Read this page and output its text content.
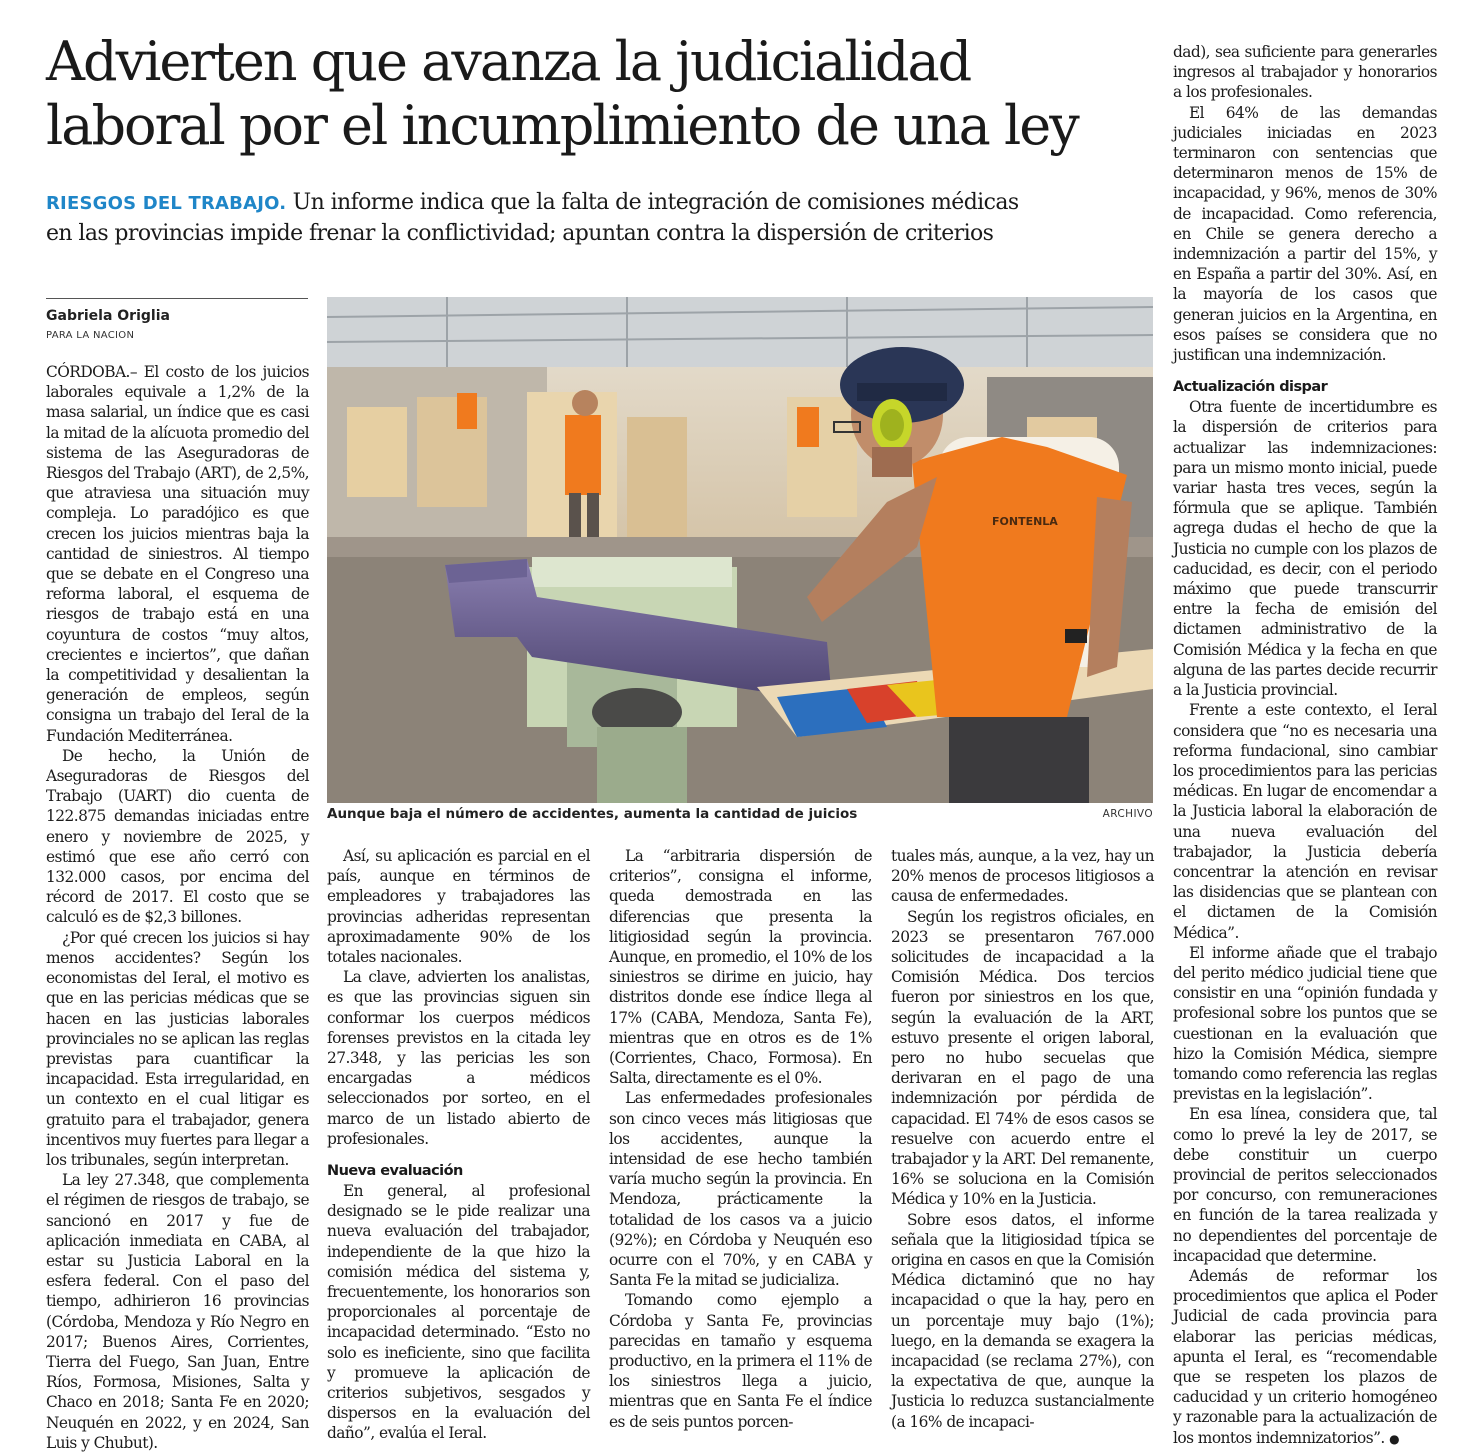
Advierten que avanza la judicialidad
laboral por el incumplimiento de una ley
RIESGOS DEL TRABAJO. Un informe indica que la falta de integración de comisiones médicas
en las provincias impide frenar la conflictividad; apuntan contra la dispersión de criterios
Gabriela Origlia
PARA LA NACION

CÓRDOBA.– El costo de los juicios laborales equivale a 1,2% de la masa salarial, un índice que es casi la mitad de la alícuota promedio del sistema de las Aseguradoras de Riesgos del Trabajo (ART), de 2,5%, que atraviesa una situación muy compleja. Lo paradójico es que crecen los juicios mientras baja la cantidad de siniestros. Al tiempo que se debate en el Congreso una reforma laboral, el esquema de riesgos de trabajo está en una coyuntura de costos “muy altos, crecientes e inciertos”, que dañan la competitividad y desalientan la generación de empleos, según consigna un trabajo del Ieral de la Fundación Mediterránea.

De hecho, la Unión de Aseguradoras de Riesgos del Trabajo (UART) dio cuenta de 122.875 demandas iniciadas entre enero y noviembre de 2025, y estimó que ese año cerró con 132.000 casos, por encima del récord de 2017. El costo que se calculó es de $2,3 billones.

¿Por qué crecen los juicios si hay menos accidentes? Según los economistas del Ieral, el motivo es que en las pericias médicas que se hacen en las justicias laborales provinciales no se aplican las reglas previstas para cuantificar la incapacidad. Esta irregularidad, en un contexto en el cual litigar es gratuito para el trabajador, genera incentivos muy fuertes para llegar a los tribunales, según interpretan.

La ley 27.348, que complementa el régimen de riesgos de trabajo, se sancionó en 2017 y fue de aplicación inmediata en CABA, al estar su Justicia Laboral en la esfera federal. Con el paso del tiempo, adhirieron 16 provincias (Córdoba, Mendoza y Río Negro en 2017; Buenos Aires, Corrientes, Tierra del Fuego, San Juan, Entre Ríos, Formosa, Misiones, Salta y Chaco en 2018; Santa Fe en 2020; Neuquén en 2022, y en 2024, San Luis y Chubut).

FONTENLA
Aunque baja el número de accidentes, aumenta la cantidad de juicios	ARCHIVO

Así, su aplicación es parcial en el país, aunque en términos de empleadores y trabajadores las provincias adheridas representan aproximadamente 90% de los totales nacionales.

La clave, advierten los analistas, es que las provincias siguen sin conformar los cuerpos médicos forenses previstos en la citada ley 27.348, y las pericias les son encargadas a médicos seleccionados por sorteo, en el marco de un listado abierto de profesionales.

Nueva evaluación

En general, al profesional designado se le pide realizar una nueva evaluación del trabajador, independiente de la que hizo la comisión médica del sistema y, frecuentemente, los honorarios son proporcionales al porcentaje de incapacidad determinado. “Esto no solo es ineficiente, sino que facilita y promueve la aplicación de criterios subjetivos, sesgados y dispersos en la evaluación del daño”, evalúa el Ieral.

La “arbitraria dispersión de criterios”, consigna el informe, queda demostrada en las diferencias que presenta la litigiosidad según la provincia. Aunque, en promedio, el 10% de los siniestros se dirime en juicio, hay distritos donde ese índice llega al 17% (CABA, Mendoza, Santa Fe), mientras que en otros es de 1% (Corrientes, Chaco, Formosa). En Salta, directamente es el 0%.

Las enfermedades profesionales son cinco veces más litigiosas que los accidentes, aunque la intensidad de ese hecho también varía mucho según la provincia. En Mendoza, prácticamente la totalidad de los casos va a juicio (92%); en Córdoba y Neuquén eso ocurre con el 70%, y en CABA y Santa Fe la mitad se judicializa.

Tomando como ejemplo a Córdoba y Santa Fe, provincias parecidas en tamaño y esquema productivo, en la primera el 11% de los siniestros llega a juicio, mientras que en Santa Fe el índice es de seis puntos porcen-

tuales más, aunque, a la vez, hay un 20% menos de procesos litigiosos a causa de enfermedades.

Según los registros oficiales, en 2023 se presentaron 767.000 solicitudes de incapacidad a la Comisión Médica. Dos tercios fueron por siniestros en los que, según la evaluación de la ART, estuvo presente el origen laboral, pero no hubo secuelas que derivaran en el pago de una indemnización por pérdida de capacidad. El 74% de esos casos se resuelve con acuerdo entre el trabajador y la ART. Del remanente, 16% se soluciona en la Comisión Médica y 10% en la Justicia.

Sobre esos datos, el informe señala que la litigiosidad típica se origina en casos en que la Comisión Médica dictaminó que no hay incapacidad o que la hay, pero en un porcentaje muy bajo (1%); luego, en la demanda se exagera la incapacidad (se reclama 27%), con la expectativa de que, aunque la Justicia lo reduzca sustancialmente (a 16% de incapaci-

dad), sea suficiente para generarles ingresos al trabajador y honorarios a los profesionales.

El 64% de las demandas judiciales iniciadas en 2023 terminaron con sentencias que determinaron menos de 15% de incapacidad, y 96%, menos de 30% de incapacidad. Como referencia, en Chile se genera derecho a indemnización a partir del 15%, y en España a partir del 30%. Así, en la mayoría de los casos que generan juicios en la Argentina, en esos países se considera que no justifican una indemnización.

Actualización dispar

Otra fuente de incertidumbre es la dispersión de criterios para actualizar las indemnizaciones: para un mismo monto inicial, puede variar hasta tres veces, según la fórmula que se aplique. También agrega dudas el hecho de que la Justicia no cumple con los plazos de caducidad, es decir, con el periodo máximo que puede transcurrir entre la fecha de emisión del dictamen administrativo de la Comisión Médica y la fecha en que alguna de las partes decide recurrir a la Justicia provincial.

Frente a este contexto, el Ieral considera que “no es necesaria una reforma fundacional, sino cambiar los procedimientos para las pericias médicas. En lugar de encomendar a la Justicia laboral la elaboración de una nueva evaluación del trabajador, la Justicia debería concentrar la atención en revisar las disidencias que se plantean con el dictamen de la Comisión Médica”.

El informe añade que el trabajo del perito médico judicial tiene que consistir en una “opinión fundada y profesional sobre los puntos que se cuestionan en la evaluación que hizo la Comisión Médica, siempre tomando como referencia las reglas previstas en la legislación”.

En esa línea, considera que, tal como lo prevé la ley de 2017, se debe constituir un cuerpo provincial de peritos seleccionados por concurso, con remuneraciones en función de la tarea realizada y no dependientes del porcentaje de incapacidad que determine.

Además de reformar los procedimientos que aplica el Poder Judicial de cada provincia para elaborar las pericias médicas, apunta el Ieral, es “recomendable que se respeten los plazos de caducidad y un criterio homogéneo y razonable para la actualización de los montos indemnizatorios”. ●
